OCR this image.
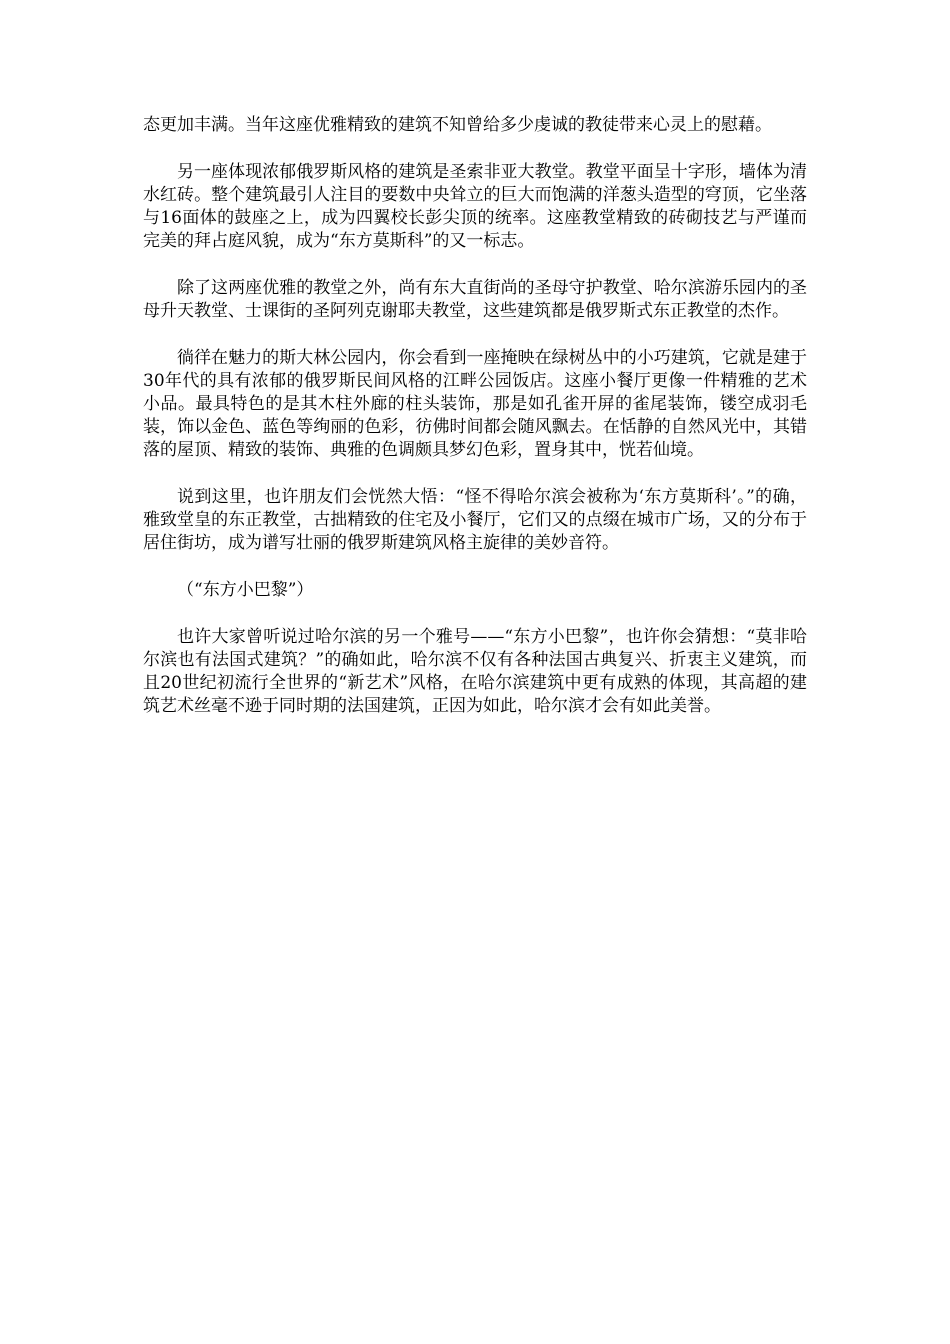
态更加丰满。当年这座优雅精致的建筑不知曾给多少虔诚的教徒带来心灵上的慰藉。

另一座体现浓郁俄罗斯风格的建筑是圣索非亚大教堂。教堂平面呈十字形，墙体为清水红砖。整个建筑最引人注目的要数中央耸立的巨大而饱满的洋葱头造型的穹顶，它坐落与16面体的鼓座之上，成为四翼校长彭尖顶的统率。这座教堂精致的砖砌技艺与严谨而完美的拜占庭风貌，成为“东方莫斯科”的又一标志。

除了这两座优雅的教堂之外，尚有东大直街尚的圣母守护教堂、哈尔滨游乐园内的圣母升天教堂、士课街的圣阿列克谢耶夫教堂，这些建筑都是俄罗斯式东正教堂的杰作。

徜徉在魅力的斯大林公园内，你会看到一座掩映在绿树丛中的小巧建筑，它就是建于30年代的具有浓郁的俄罗斯民间风格的江畔公园饭店。这座小餐厅更像一件精雅的艺术小品。最具特色的是其木柱外廊的柱头装饰，那是如孔雀开屏的雀尾装饰，镂空成羽毛装，饰以金色、蓝色等绚丽的色彩，彷佛时间都会随风飘去。在恬静的自然风光中，其错落的屋顶、精致的装饰、典雅的色调颇具梦幻色彩，置身其中，恍若仙境。

说到这里，也许朋友们会恍然大悟：“怪不得哈尔滨会被称为‘东方莫斯科’。”的确，雅致堂皇的东正教堂，古拙精致的住宅及小餐厅，它们又的点缀在城市广场，又的分布于居住街坊，成为谱写壮丽的俄罗斯建筑风格主旋律的美妙音符。

（“东方小巴黎”）

也许大家曾听说过哈尔滨的另一个雅号——“东方小巴黎”，也许你会猜想：“莫非哈尔滨也有法国式建筑？”的确如此，哈尔滨不仅有各种法国古典复兴、折衷主义建筑，而且20世纪初流行全世界的“新艺术”风格，在哈尔滨建筑中更有成熟的体现，其高超的建筑艺术丝毫不逊于同时期的法国建筑，正因为如此，哈尔滨才会有如此美誉。
